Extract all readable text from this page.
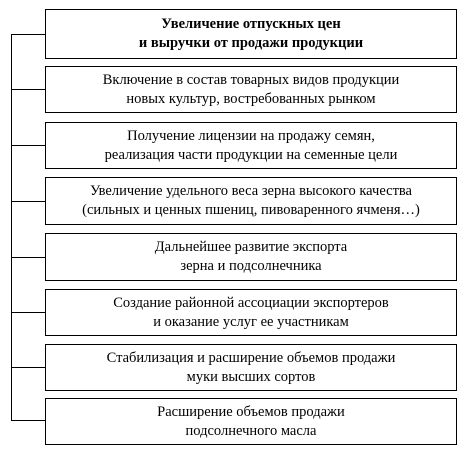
Увеличение отпускных цен
и выручки от продажи продукции
Включение в состав товарных видов продукции
новых культур, востребованных рынком
Получение лицензии на продажу семян,
реализация части продукции на семенные цели
Увеличение удельного веса зерна высокого качества
(сильных и ценных пшениц, пивоваренного ячменя…)
Дальнейшее развитие экспорта
зерна и подсолнечника
Создание районной ассоциации экспортеров
и оказание услуг ее участникам
Стабилизация и расширение объемов продажи
муки высших сортов
Расширение объемов продажи
подсолнечного масла
